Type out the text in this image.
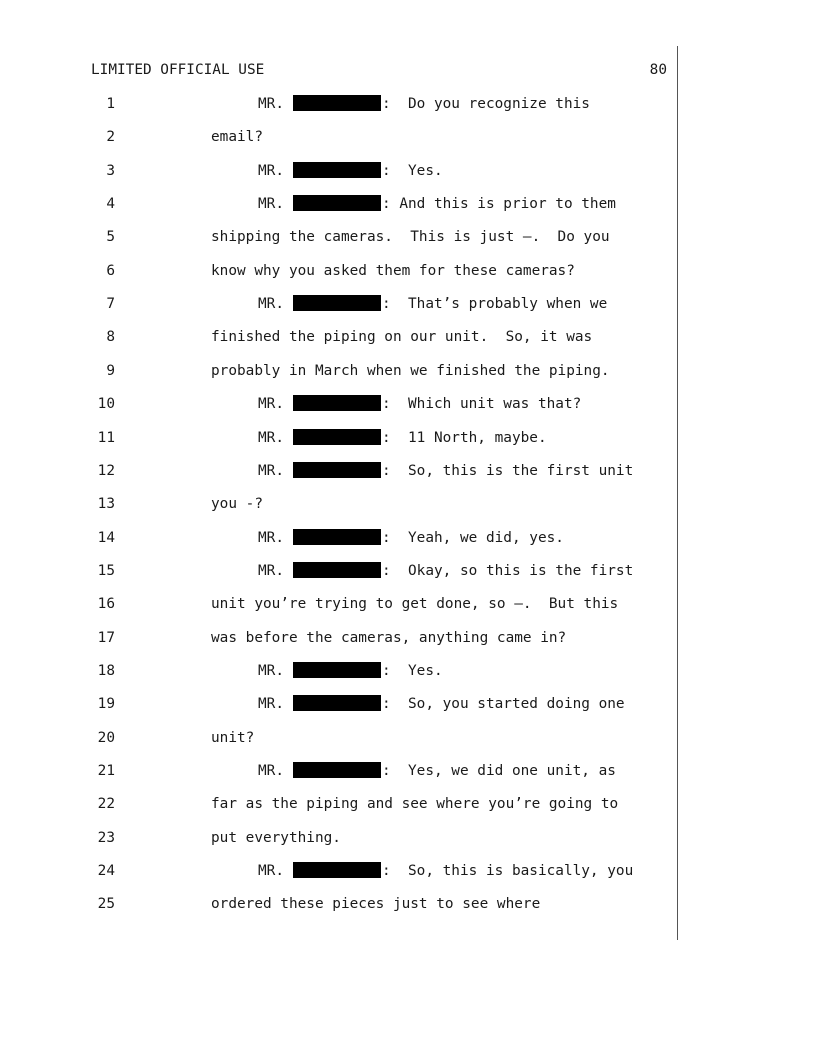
LIMITED OFFICIAL USE	80
1	MR.	:  Do you recognize this
2	email?
3	MR.	:  Yes.
4	MR.	: And this is prior to them
5	shipping the cameras.  This is just –.  Do you
6	know why you asked them for these cameras?
7	MR.	:  That’s probably when we
8	finished the piping on our unit.  So, it was
9	probably in March when we finished the piping.
10	MR.	:  Which unit was that?
11	MR.	:  11 North, maybe.
12	MR.	:  So, this is the first unit
13	you -?
14	MR.	:  Yeah, we did, yes.
15	MR.	:  Okay, so this is the first
16	unit you’re trying to get done, so –.  But this
17	was before the cameras, anything came in?
18	MR.	:  Yes.
19	MR.	:  So, you started doing one
20	unit?
21	MR.	:  Yes, we did one unit, as
22	far as the piping and see where you’re going to
23	put everything.
24	MR.	:  So, this is basically, you
25	ordered these pieces just to see where
